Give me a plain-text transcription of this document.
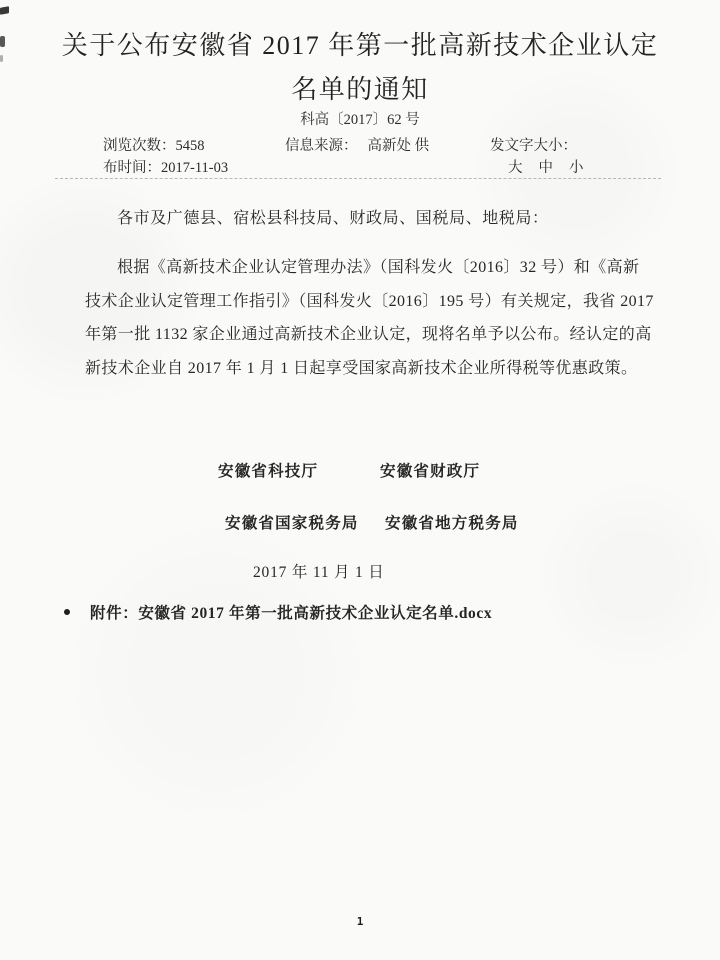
关于公布安徽省 2017 年第一批高新技术企业认定
名单的通知
科高〔2017〕62 号
浏览次数：5458	信息来源： 高新处 供	发文字大小：
布时间：2017-11-03	大 中 小
各市及广德县、宿松县科技局、财政局、国税局、地税局：
根据《高新技术企业认定管理办法》（国科发火〔2016〕32 号）和《高新
技术企业认定管理工作指引》（国科发火〔2016〕195 号）有关规定，我省 2017
年第一批 1132 家企业通过高新技术企业认定，现将名单予以公布。经认定的高
新技术企业自 2017 年 1 月 1 日起享受国家高新技术企业所得税等优惠政策。
安徽省科技厅	安徽省财政厅
安徽省国家税务局 安徽省地方税务局
2017 年 11 月 1 日
附件：安徽省 2017 年第一批高新技术企业认定名单.docx
1
